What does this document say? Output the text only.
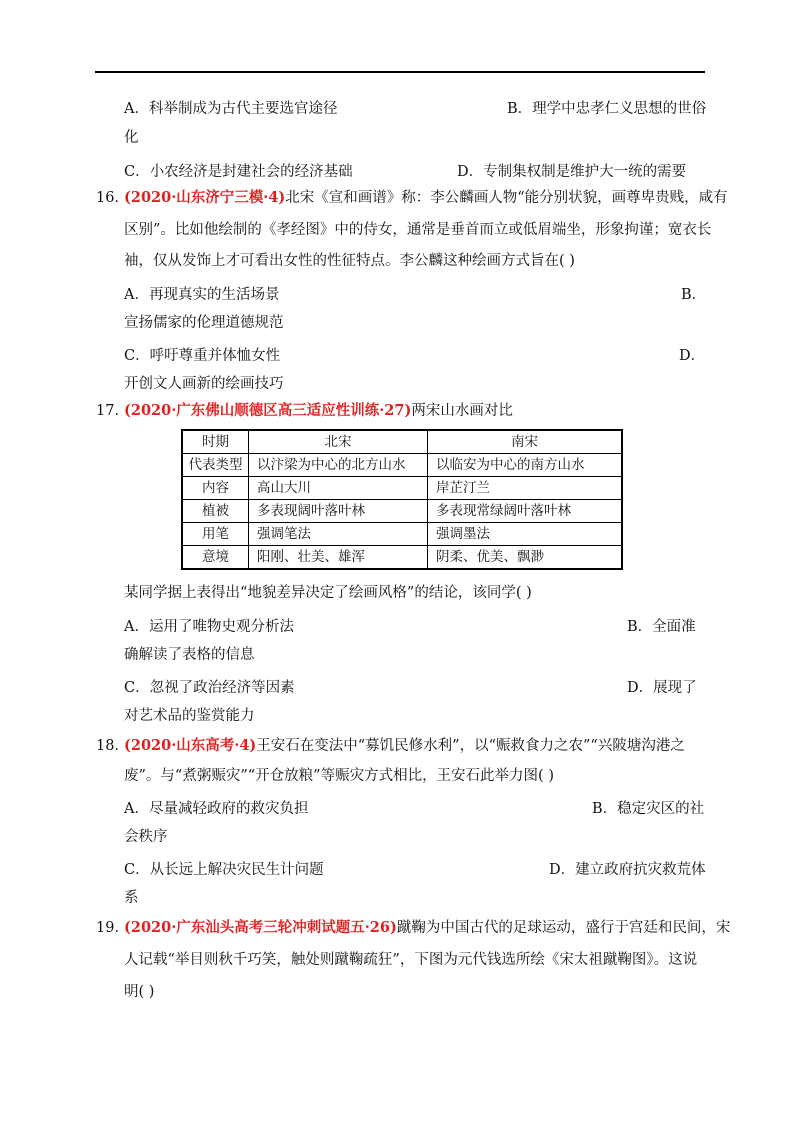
A．科举制成为古代主要选官途径	B．理学中忠孝仁义思想的世俗
化
C．小农经济是封建社会的经济基础	D．专制集权制是维护大一统的需要
16．(2020·山东济宁三模·4)北宋《宣和画谱》称：李公麟画人物“能分别状貌，画尊卑贵贱，咸有
区别”。比如他绘制的《孝经图》中的侍女，通常是垂首而立或低眉端坐，形象拘谨；宽衣长
袖，仅从发饰上才可看出女性的性征特点。李公麟这种绘画方式旨在( )
A．再现真实的生活场景	B．
宣扬儒家的伦理道德规范
C．呼吁尊重并体恤女性	D．
开创文人画新的绘画技巧
17．(2020·广东佛山顺德区高三适应性训练·27)两宋山水画对比
时期	北宋	南宋
代表类型	以汴梁为中心的北方山水	以临安为中心的南方山水
内容	高山大川	岸芷汀兰
植被	多表现阔叶落叶林	多表现常绿阔叶落叶林
用笔	强调笔法	强调墨法
意境	阳刚、壮美、雄浑	阴柔、优美、飘渺
某同学据上表得出“地貌差异决定了绘画风格”的结论，该同学( )
A．运用了唯物史观分析法	B．全面准
确解读了表格的信息
C．忽视了政治经济等因素	D．展现了
对艺术品的鉴赏能力
18．(2020·山东高考·4)王安石在变法中“募饥民修水利”，以“赈救食力之农”“兴陂塘沟港之
废”。与“煮粥赈灾”“开仓放粮”等赈灾方式相比，王安石此举力图( )
A．尽量减轻政府的救灾负担	B．稳定灾区的社
会秩序
C．从长远上解决灾民生计问题	D．建立政府抗灾救荒体
系
19．(2020·广东汕头高考三轮冲刺试题五·26)蹴鞠为中国古代的足球运动，盛行于宫廷和民间，宋
人记载“举目则秋千巧笑，触处则蹴鞠疏狂”，下图为元代钱选所绘《宋太祖蹴鞠图》。这说
明( )
